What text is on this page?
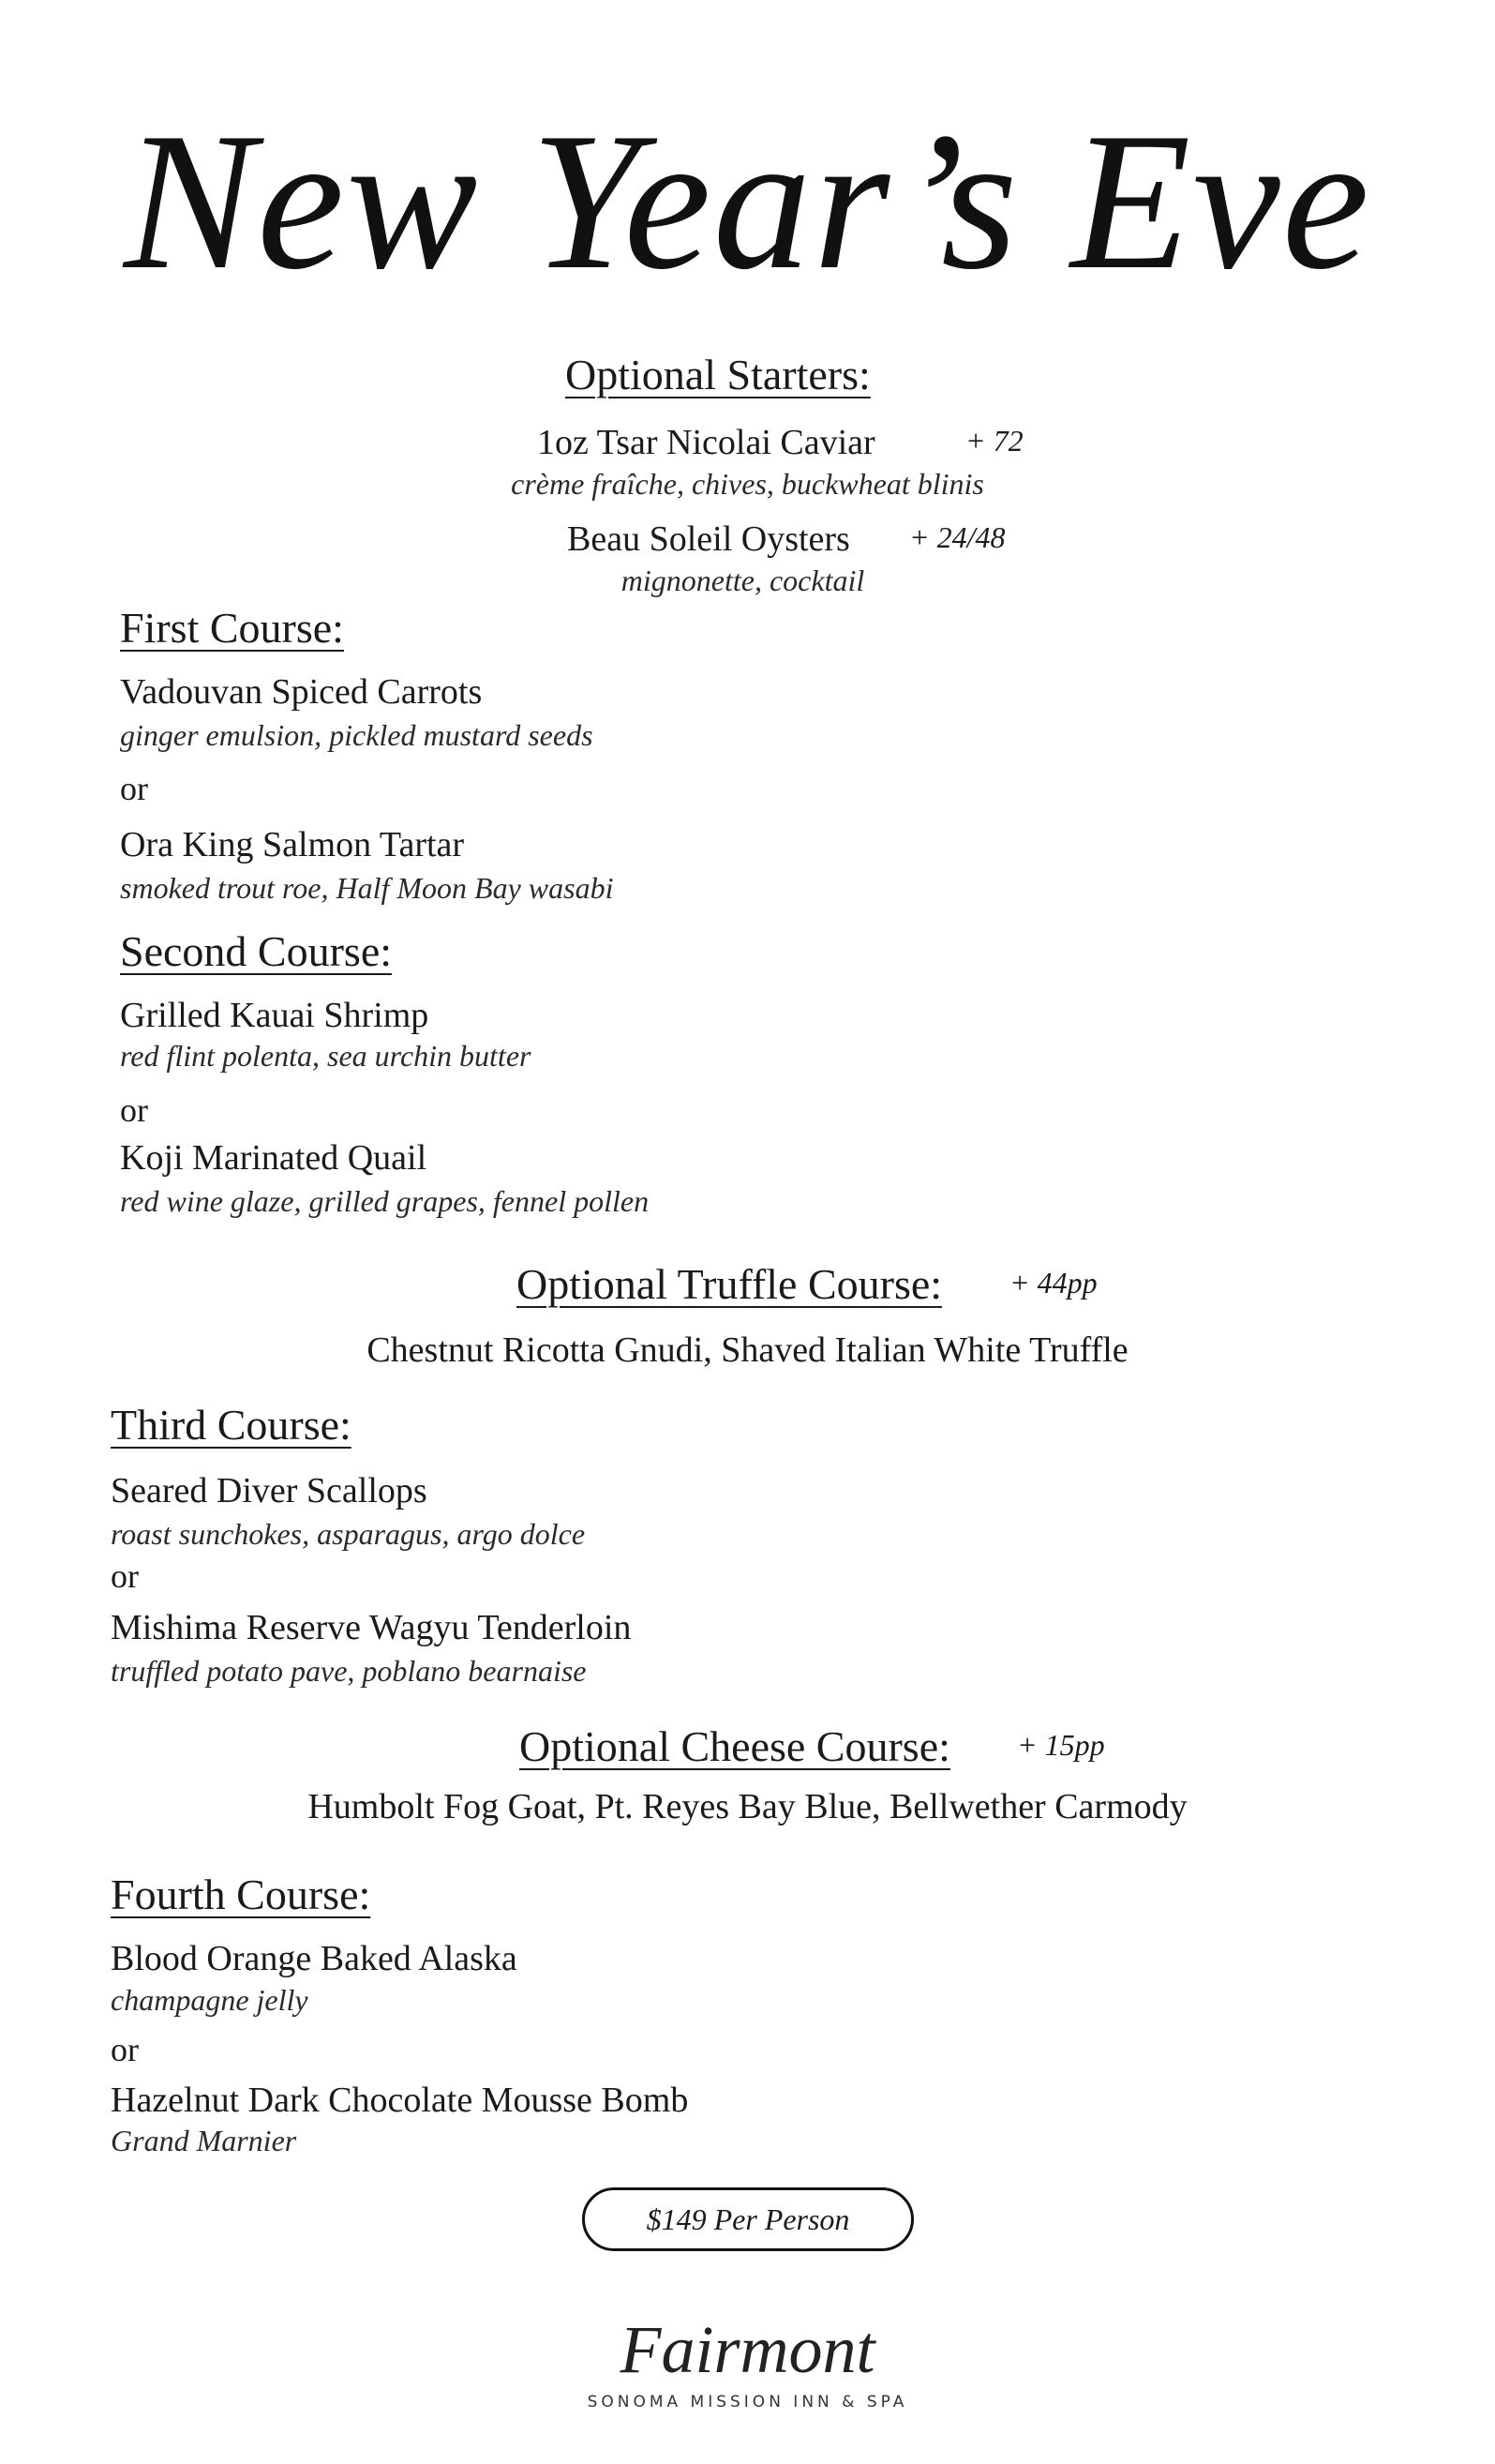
New Year’s Eve
Optional Starters:
1oz Tsar Nicolai Caviar	+ 72
crème fraîche, chives, buckwheat blinis
Beau Soleil Oysters + 24/48
mignonette, cocktail
First Course:
Vadouvan Spiced Carrots
ginger emulsion, pickled mustard seeds
or
Ora King Salmon Tartar
smoked trout roe, Half Moon Bay wasabi
Second Course:
Grilled Kauai Shrimp
red flint polenta, sea urchin butter
or
Koji Marinated Quail
red wine glaze, grilled grapes, fennel pollen
Optional Truffle Course: + 44pp
Chestnut Ricotta Gnudi, Shaved Italian White Truffle
Third Course:
Seared Diver Scallops
roast sunchokes, asparagus, argo dolce
or
Mishima Reserve Wagyu Tenderloin
truffled potato pave, poblano bearnaise
Optional Cheese Course: + 15pp
Humbolt Fog Goat, Pt. Reyes Bay Blue, Bellwether Carmody
Fourth Course:
Blood Orange Baked Alaska
champagne jelly
or
Hazelnut Dark Chocolate Mousse Bomb
Grand Marnier
$149 Per Person
Fairmont
SONOMA MISSION INN & SPA
